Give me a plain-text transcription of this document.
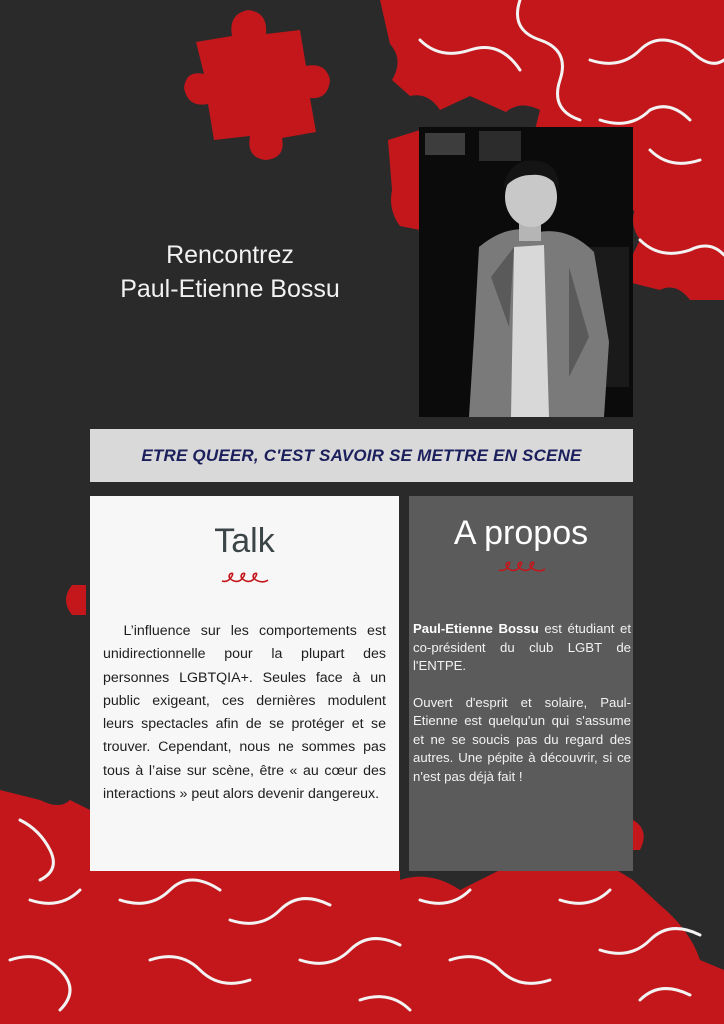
Rencontrez
Paul-Etienne Bossu
ETRE QUEER, C'EST SAVOIR SE METTRE EN SCENE
Talk
L’influence sur les comportements est unidirectionnelle pour la plupart des personnes LGBTQIA+. Seules face à un public exigeant, ces dernières modulent leurs spectacles afin de se protéger et se trouver. Cependant, nous ne sommes pas tous à l’aise sur scène, être « au cœur des interactions » peut alors devenir dangereux.
A propos

Paul-Etienne Bossu est étudiant et co-président du club LGBT de l'ENTPE.

Ouvert d'esprit et solaire, Paul-Etienne est quelqu'un qui s'assume et ne se soucis pas du regard des autres. Une pépite à découvrir, si ce n'est pas déjà fait !
